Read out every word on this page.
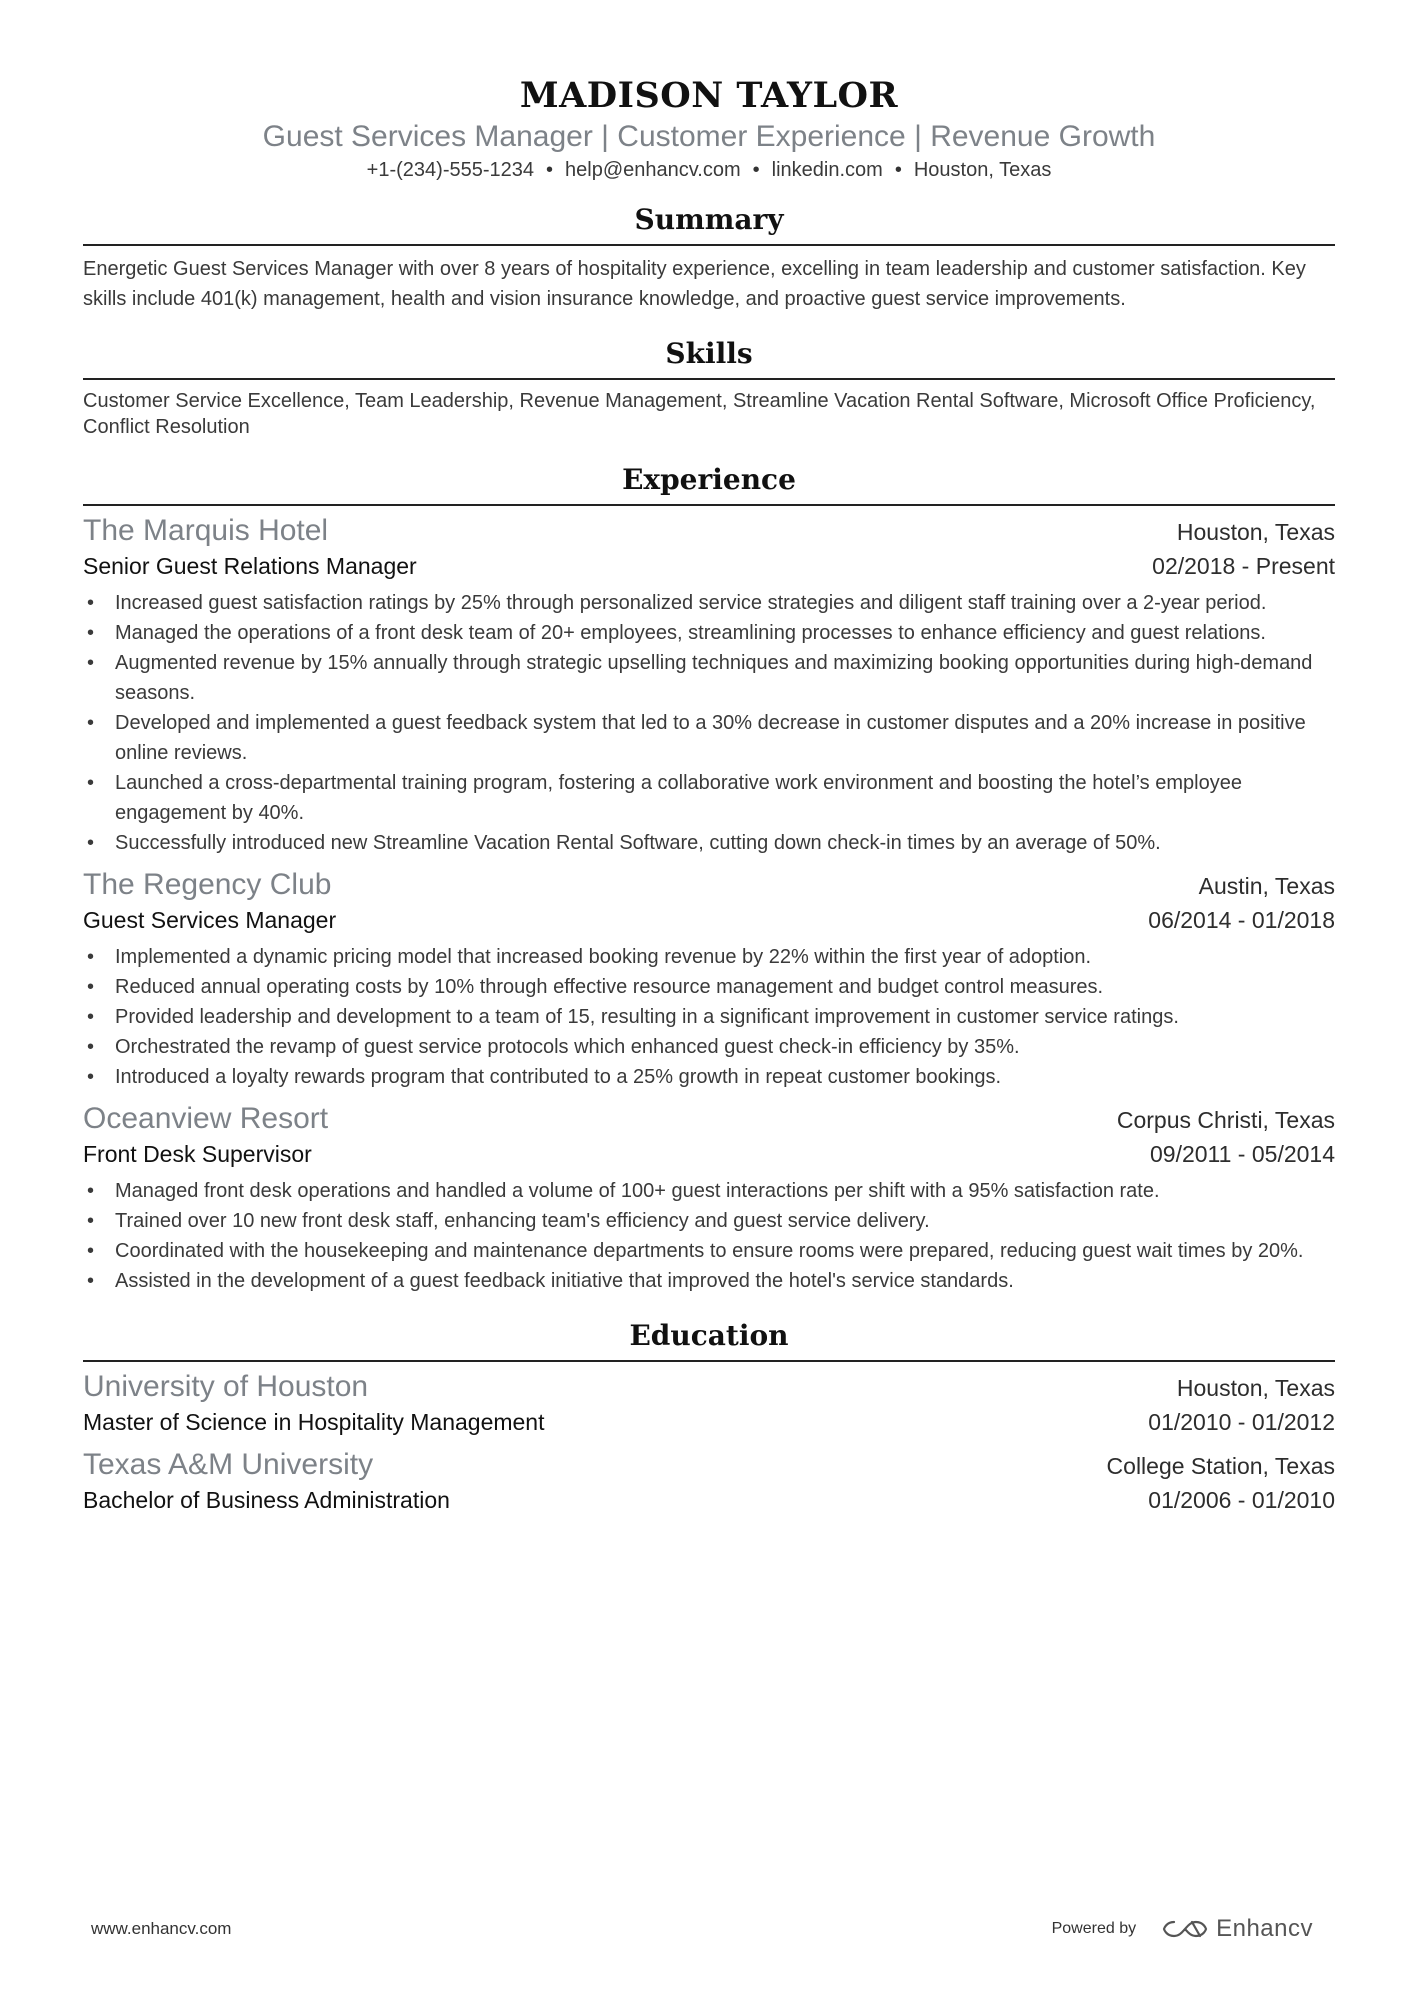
MADISON TAYLOR
Guest Services Manager | Customer Experience | Revenue Growth
+1-(234)-555-1234 • help@enhancv.com • linkedin.com • Houston, Texas
Summary
Energetic Guest Services Manager with over 8 years of hospitality experience, excelling in team leadership and customer satisfaction. Key skills include 401(k) management, health and vision insurance knowledge, and proactive guest service improvements.
Skills
Customer Service Excellence, Team Leadership, Revenue Management, Streamline Vacation Rental Software, Microsoft Office Proficiency, Conflict Resolution
Experience
The Marquis Hotel	Houston, Texas
Senior Guest Relations Manager	02/2018 - Present
• Increased guest satisfaction ratings by 25% through personalized service strategies and diligent staff training over a 2-year period.
• Managed the operations of a front desk team of 20+ employees, streamlining processes to enhance efficiency and guest relations.
• Augmented revenue by 15% annually through strategic upselling techniques and maximizing booking opportunities during high-demand seasons.
• Developed and implemented a guest feedback system that led to a 30% decrease in customer disputes and a 20% increase in positive online reviews.
• Launched a cross-departmental training program, fostering a collaborative work environment and boosting the hotel’s employee engagement by 40%.
• Successfully introduced new Streamline Vacation Rental Software, cutting down check-in times by an average of 50%.
The Regency Club	Austin, Texas
Guest Services Manager	06/2014 - 01/2018
• Implemented a dynamic pricing model that increased booking revenue by 22% within the first year of adoption.
• Reduced annual operating costs by 10% through effective resource management and budget control measures.
• Provided leadership and development to a team of 15, resulting in a significant improvement in customer service ratings.
• Orchestrated the revamp of guest service protocols which enhanced guest check-in efficiency by 35%.
• Introduced a loyalty rewards program that contributed to a 25% growth in repeat customer bookings.
Oceanview Resort	Corpus Christi, Texas
Front Desk Supervisor	09/2011 - 05/2014
• Managed front desk operations and handled a volume of 100+ guest interactions per shift with a 95% satisfaction rate.
• Trained over 10 new front desk staff, enhancing team's efficiency and guest service delivery.
• Coordinated with the housekeeping and maintenance departments to ensure rooms were prepared, reducing guest wait times by 20%.
• Assisted in the development of a guest feedback initiative that improved the hotel's service standards.
Education
University of Houston	Houston, Texas
Master of Science in Hospitality Management	01/2010 - 01/2012
Texas A&M University	College Station, Texas
Bachelor of Business Administration	01/2006 - 01/2010
www.enhancv.com	Powered by	Enhancv
